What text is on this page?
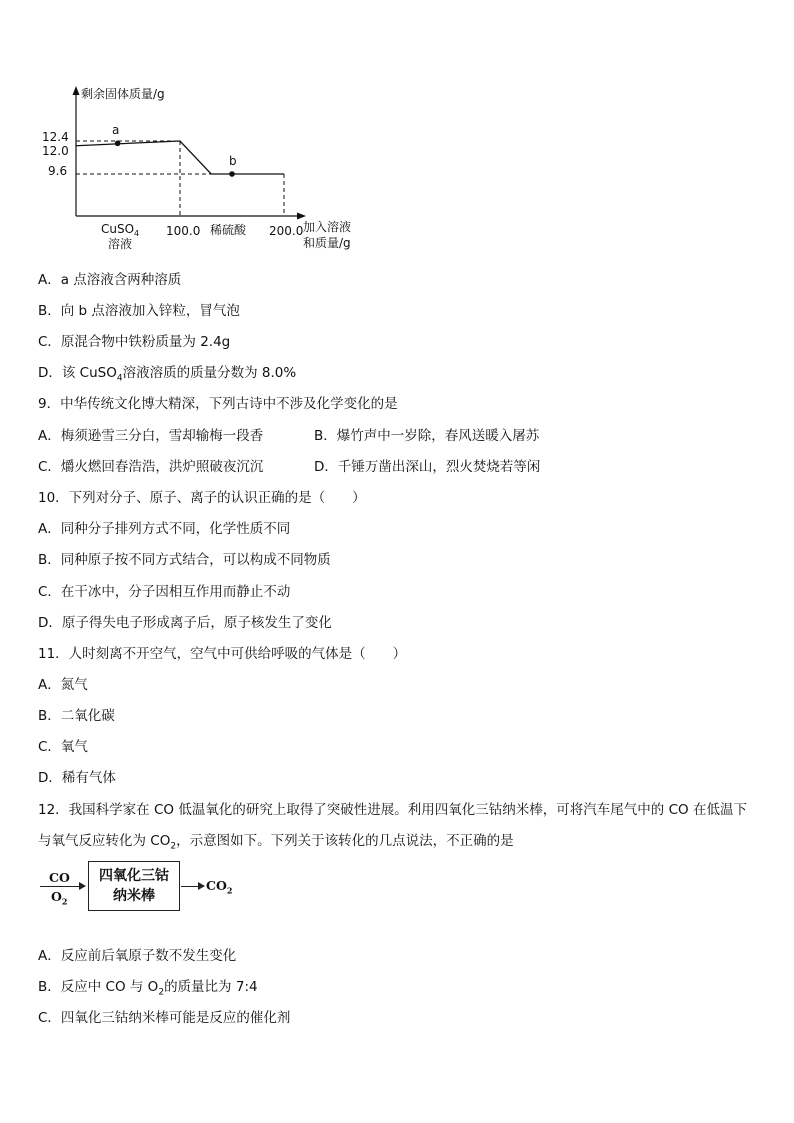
剩余固体质量/g
加入溶液
和质量/g
12.4
12.0
9.6
100.0	200.0
CuSO$_4$
溶液
稀硫酸
a
b
A．a 点溶液含两种溶质
B．向 b 点溶液加入锌粒，冒气泡
C．原混合物中铁粉质量为 2.4g
D．该 CuSO$_4$溶液溶质的质量分数为 8.0%
9．中华传统文化博大精深，下列古诗中不涉及化学变化的是
A．梅须逊雪三分白，雪却输梅一段香	B．爆竹声中一岁除，春风送暖入屠苏
C．爝火燃回春浩浩，洪炉照破夜沉沉	D．千锤万凿出深山，烈火焚烧若等闲
10．下列对分子、原子、离子的认识正确的是（　　）
A．同种分子排列方式不同，化学性质不同
B．同种原子按不同方式结合，可以构成不同物质
C．在干冰中，分子因相互作用而静止不动
D．原子得失电子形成离子后，原子核发生了变化
11．人时刻离不开空气，空气中可供给呼吸的气体是（　　）
A．氮气
B．二氧化碳
C．氧气
D．稀有气体
12．我国科学家在 CO 低温氧化的研究上取得了突破性进展。利用四氧化三钴纳米棒，可将汽车尾气中的 CO 在低温下
与氧气反应转化为 $CO_2$，示意图如下。下列关于该转化的几点说法，不正确的是
CO
$O_2$
四氧化三钴
纳米棒
$CO_2$
A．反应前后氧原子数不发生变化
B．反应中 CO 与 $O_2$的质量比为 7:4
C．四氧化三钴纳米棒可能是反应的催化剂
